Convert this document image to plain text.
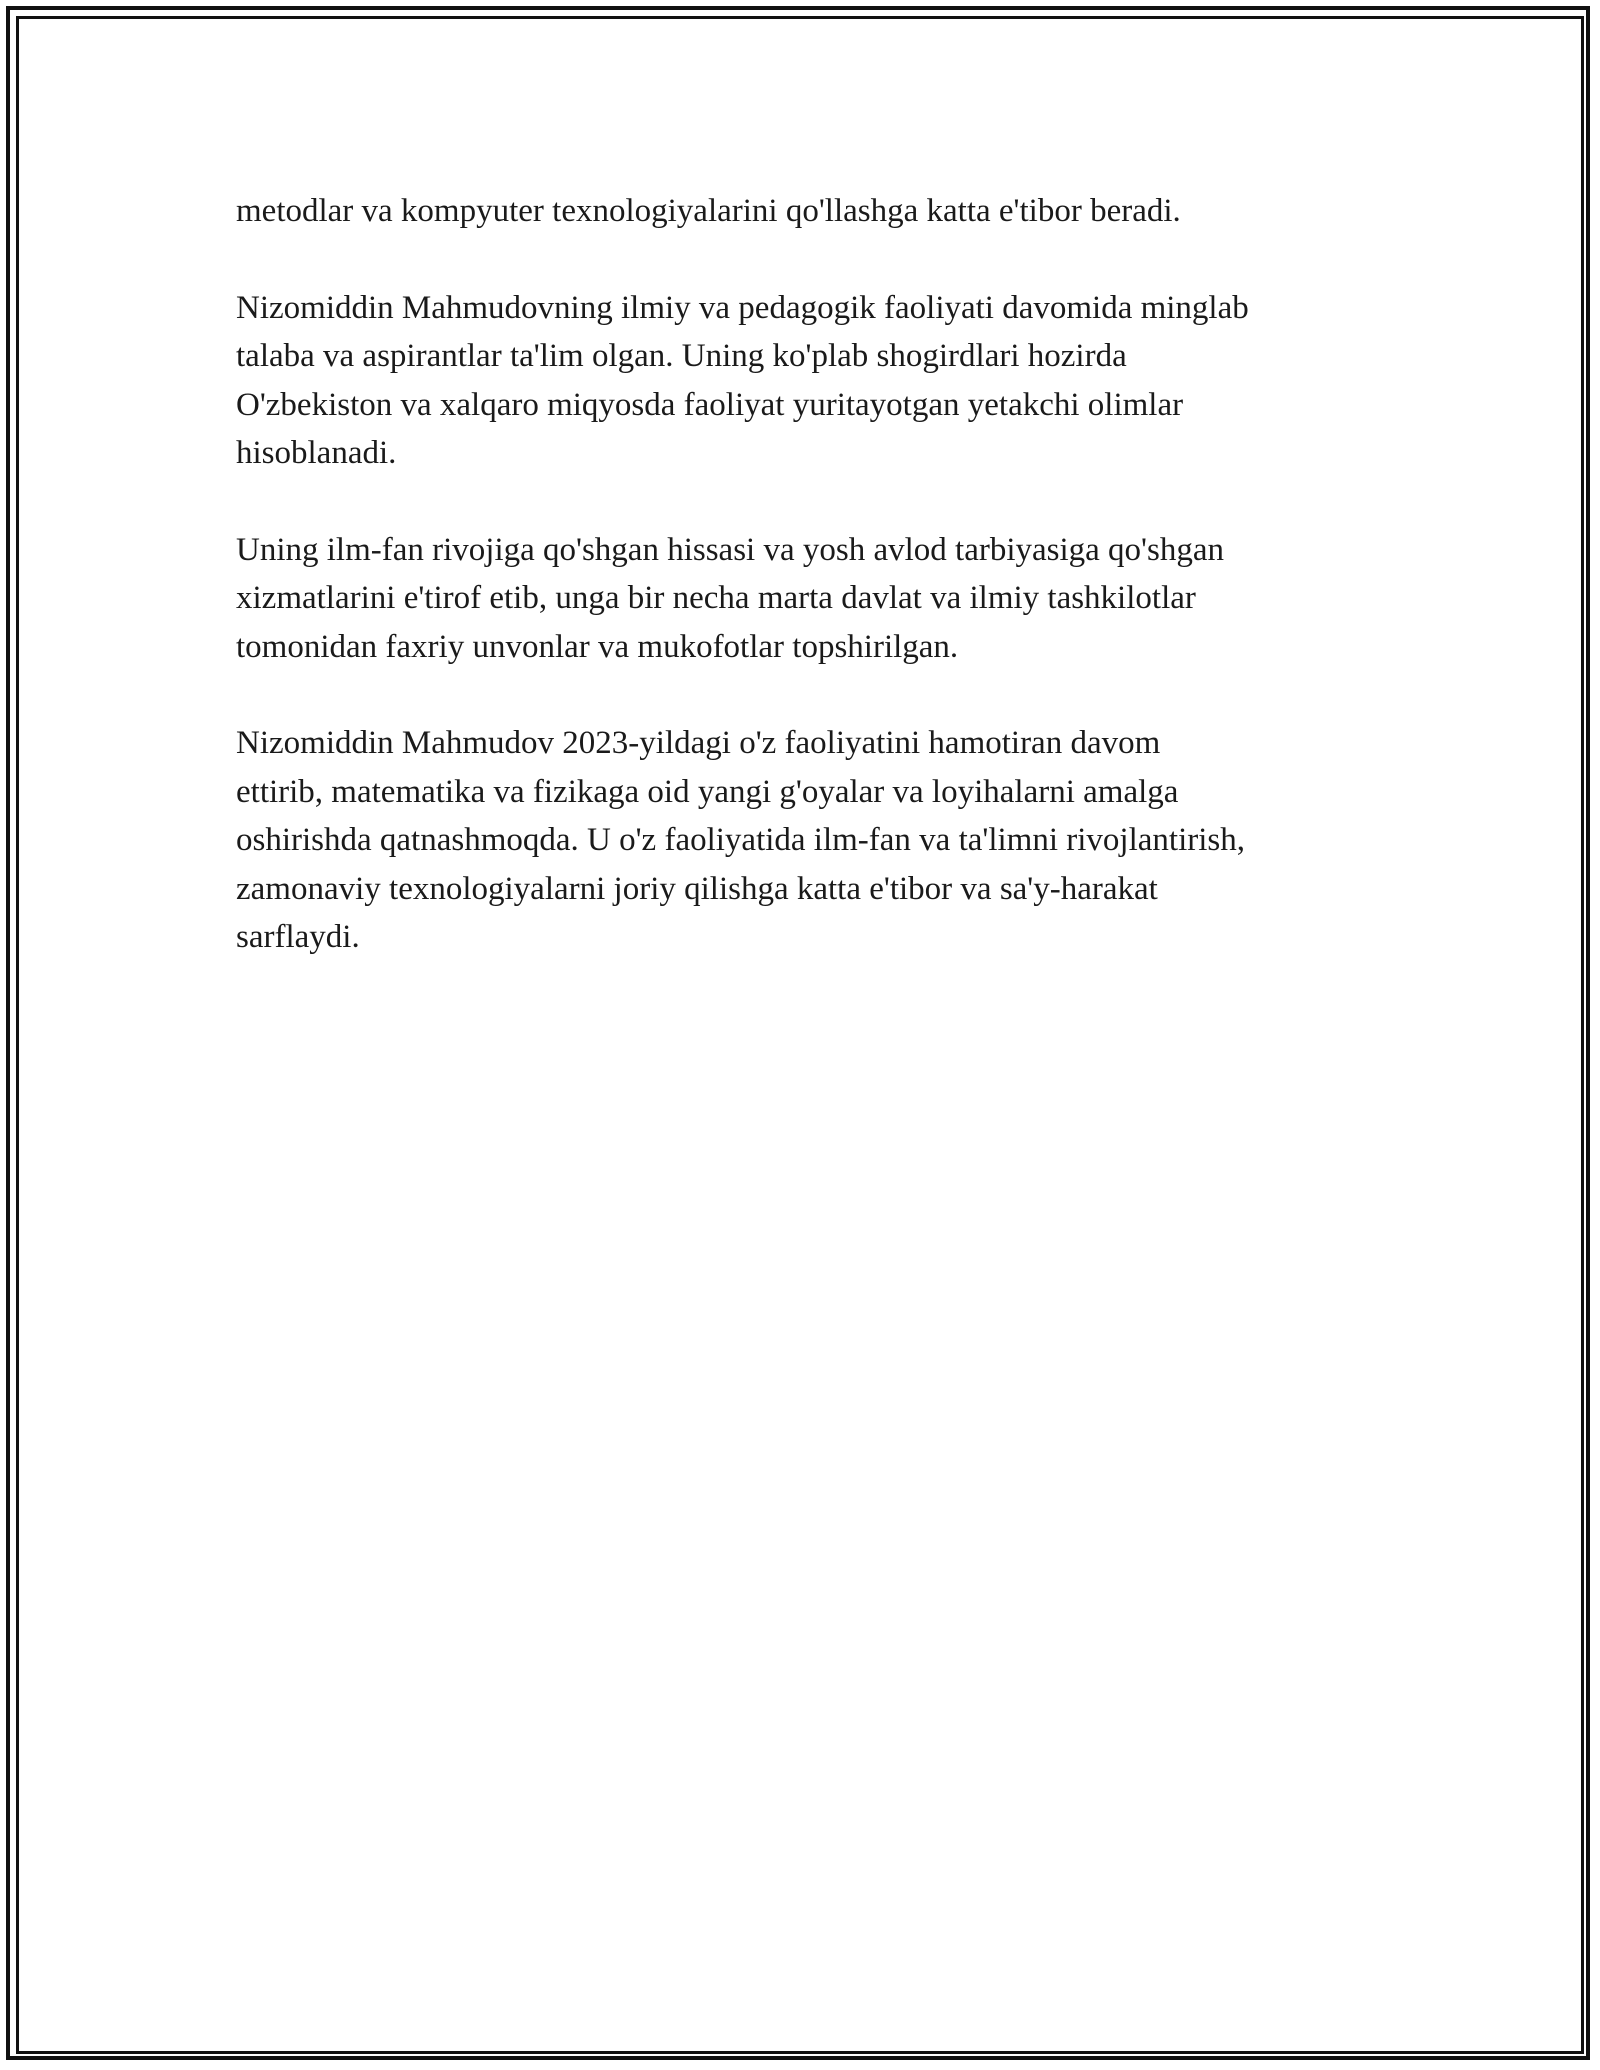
metodlar va kompyuter texnologiyalarini qo'llashga katta e'tibor beradi.

Nizomiddin Mahmudovning ilmiy va pedagogik faoliyati davomida minglab
talaba va aspirantlar ta'lim olgan. Uning ko'plab shogirdlari hozirda
O'zbekiston va xalqaro miqyosda faoliyat yuritayotgan yetakchi olimlar
hisoblanadi.

Uning ilm-fan rivojiga qo'shgan hissasi va yosh avlod tarbiyasiga qo'shgan
xizmatlarini e'tirof etib, unga bir necha marta davlat va ilmiy tashkilotlar
tomonidan faxriy unvonlar va mukofotlar topshirilgan.

Nizomiddin Mahmudov 2023-yildagi o'z faoliyatini hamotiran davom
ettirib, matematika va fizikaga oid yangi g'oyalar va loyihalarni amalga
oshirishda qatnashmoqda. U o'z faoliyatida ilm-fan va ta'limni rivojlantirish,
zamonaviy texnologiyalarni joriy qilishga katta e'tibor va sa'y-harakat
sarflaydi.
